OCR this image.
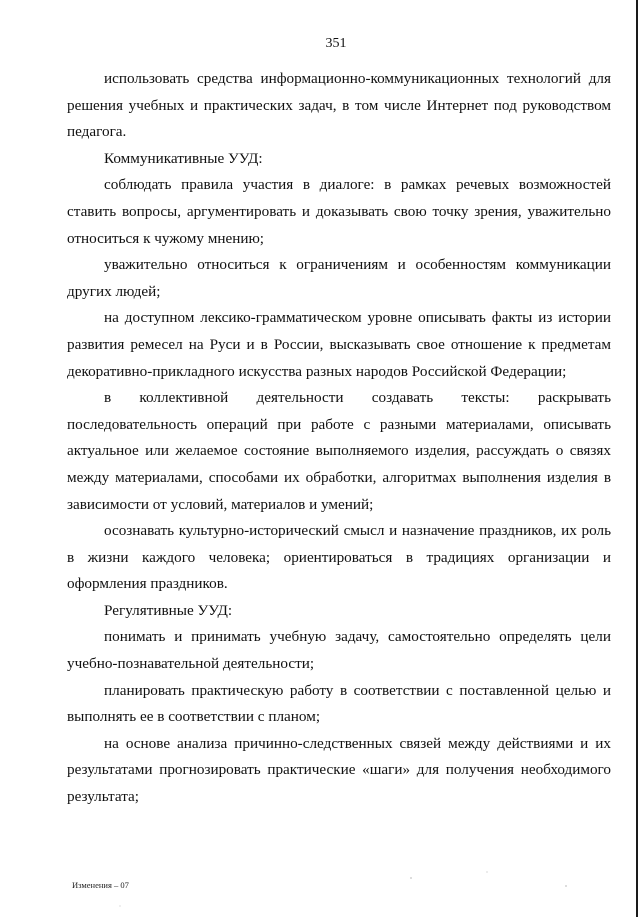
351

использовать средства информационно-коммуникационных технологий для решения учебных и практических задач, в том числе Интернет под руководством педагога.

Коммуникативные УУД:

соблюдать правила участия в диалоге: в рамках речевых возможностей ставить вопросы, аргументировать и доказывать свою точку зрения, уважительно относиться к чужому мнению;

уважительно относиться к ограничениям и особенностям коммуникации других людей;

на доступном лексико-грамматическом уровне описывать факты из истории развития ремесел на Руси и в России, высказывать свое отношение к предметам декоративно-прикладного искусства разных народов Российской Федерации;

в коллективной деятельности создавать тексты: раскрывать последовательность операций при работе с разными материалами, описывать актуальное или желаемое состояние выполняемого изделия, рассуждать о связях между материалами, способами их обработки, алгоритмах выполнения изделия в зависимости от условий, материалов и умений;

осознавать культурно-исторический смысл и назначение праздников, их роль в жизни каждого человека; ориентироваться в традициях организации и оформления праздников.

Регулятивные УУД:

понимать и принимать учебную задачу, самостоятельно определять цели учебно-познавательной деятельности;

планировать практическую работу в соответствии с поставленной целью и выполнять ее в соответствии с планом;

на основе анализа причинно-следственных связей между действиями и их результатами прогнозировать практические «шаги» для получения необходимого результата;

Изменения – 07
